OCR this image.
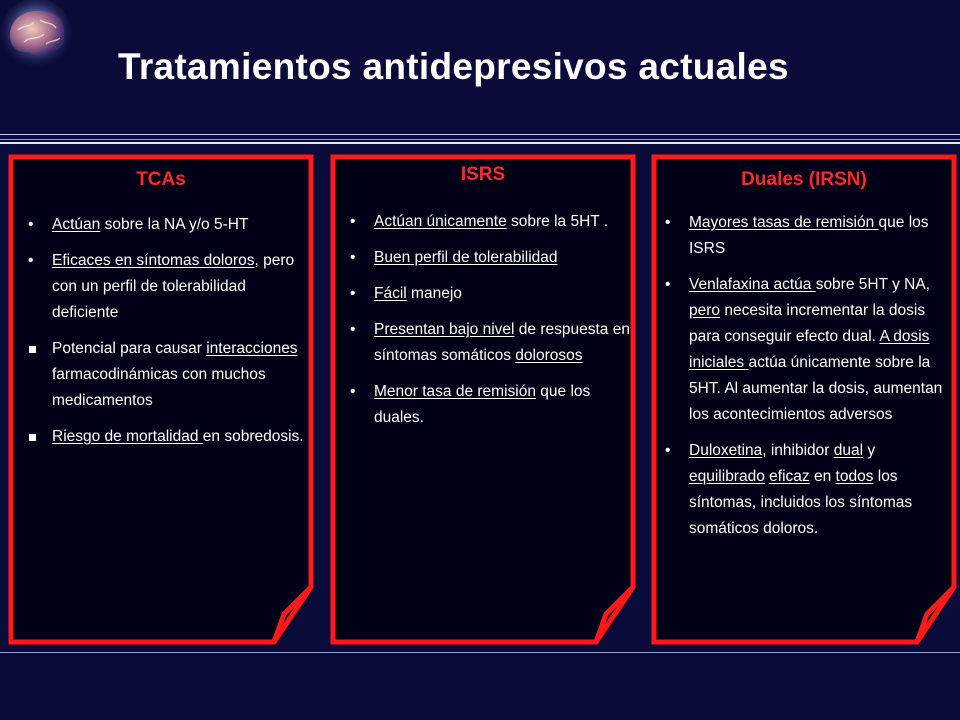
Tratamientos antidepresivos actuales
TCAs
•
Actúan sobre la NA y/o 5-HT
•
Eficaces en síntomas doloros, pero con un perfil de tolerabilidad deficiente
Potencial para causar interacciones farmacodinámicas con muchos medicamentos
Riesgo de mortalidad en sobredosis.
ISRS
•
Actúan únicamente sobre la 5HT .
•
Buen perfil de tolerabilidad
•
Fácil manejo
•
Presentan bajo nivel de respuesta en síntomas somáticos dolorosos
•
Menor tasa de remisión que los duales.
Duales (IRSN)
•
Mayores tasas de remisión que los ISRS
•
Venlafaxina actúa sobre 5HT y NA, pero necesita incrementar la dosis para conseguir efecto dual. A dosis iniciales actúa únicamente sobre la 5HT. Al aumentar la dosis, aumentan los acontecimientos adversos
•
Duloxetina, inhibidor dual y equilibrado eficaz en todos los síntomas, incluidos los síntomas somáticos doloros.
